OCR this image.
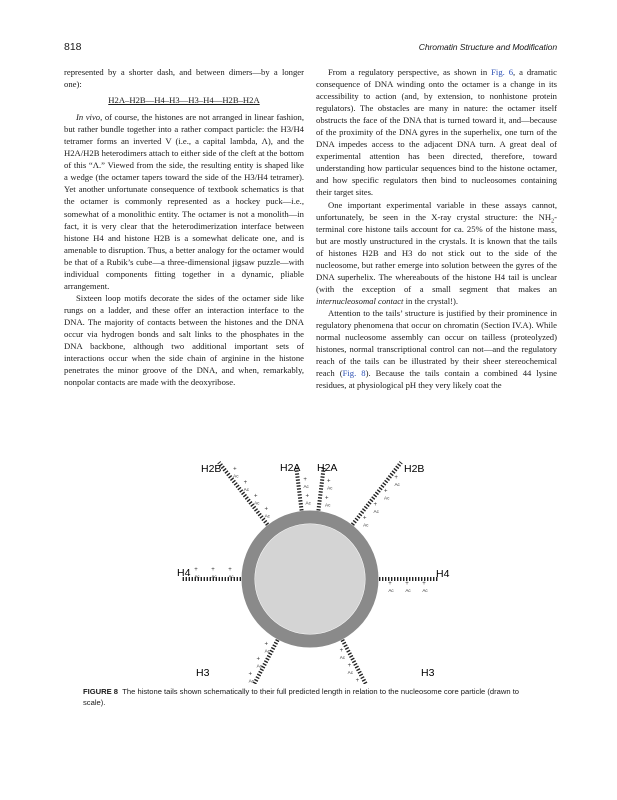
818	Chromatin Structure and Modification

represented by a shorter dash, and between dimers—by a longer one):

H2A–H2B—H4–H3—H3–H4—H2B–H2A

In vivo, of course, the histones are not arranged in linear fashion, but rather bundle together into a rather compact particle: the H3/H4 tetramer forms an inverted V (i.e., a capital lambda, Λ), and the H2A/H2B heterodimers attach to either side of the cleft at the bottom of this “Λ.” Viewed from the side, the resulting entity is shaped like a wedge (the octamer tapers toward the side of the H3/H4 tetramer). Yet another unfortunate consequence of textbook schematics is that the octamer is commonly represented as a hockey puck—i.e., somewhat of a monolithic entity. The octamer is not a monolith—in fact, it is very clear that the heterodimerization interface between histone H4 and histone H2B is a somewhat delicate one, and is amenable to disruption. Thus, a better analogy for the octamer would be that of a Rubik’s cube—a three-dimensional jigsaw puzzle—with individual components fitting together in a dynamic, pliable arrangement.

Sixteen loop motifs decorate the sides of the octamer side like rungs on a ladder, and these offer an interaction interface to the DNA. The majority of contacts between the histones and the DNA occur via hydrogen bonds and salt links to the phosphates in the DNA backbone, although two additional important sets of interactions occur when the side chain of arginine in the histone penetrates the minor groove of the DNA, and when, remarkably, nonpolar contacts are made with the deoxyribose.

From a regulatory perspective, as shown in Fig. 6, a dramatic consequence of DNA winding onto the octamer is a change in its accessibility to action (and, by extension, to nonhistone protein regulators). The obstacles are many in nature: the octamer itself obstructs the face of the DNA that is turned toward it, and—because of the proximity of the DNA gyres in the superhelix, one turn of the DNA impedes access to the adjacent DNA turn. A great deal of experimental attention has been directed, therefore, toward understanding how particular sequences bind to the histone octamer, and how specific regulators then bind to nucleosomes containing their target sites.

One important experimental variable in these assays cannot, unfortunately, be seen in the X-ray crystal structure: the $NH_2$-terminal core histone tails account for ca. 25% of the histone mass, but are mostly unstructured in the crystals. It is known that the tails of histones H2B and H3 do not stick out to the side of the nucleosome, but rather emerge into solution between the gyres of the DNA superhelix. The whereabouts of the histone H4 tail is unclear (with the exception of a small segment that makes an internucleosomal contact in the crystal!).

Attention to the tails’ structure is justified by their prominence in regulatory phenomena that occur on chromatin (Section IV.A). While normal nucleosome assembly can occur on tailless (proteolyzed) histones, normal transcriptional control can not—and the regulatory reach of the tails can be illustrated by their sheer stereochemical reach (Fig. 8). Because the tails contain a combined 44 lysine residues, at physiological pH they very likely coat the

+
Ac
+
Ac
+
Ac
+
Ac
+
Ac
+
Ac
+
Ac
+
Ac
+
Ac
+
Ac
+
Ac
+
Ac
+
Ac
+
Ac
+
Ac
+
Ac
+
Ac
+
Ac
+
Ac
+
Ac
+
Ac
+
Ac
+
Ac
+
H2B	H2A H2A	H2B
H4	H4
H3	H3
FIGURE 8 The histone tails shown schematically to their full predicted length in relation to the nucleosome core particle (drawn to scale).
